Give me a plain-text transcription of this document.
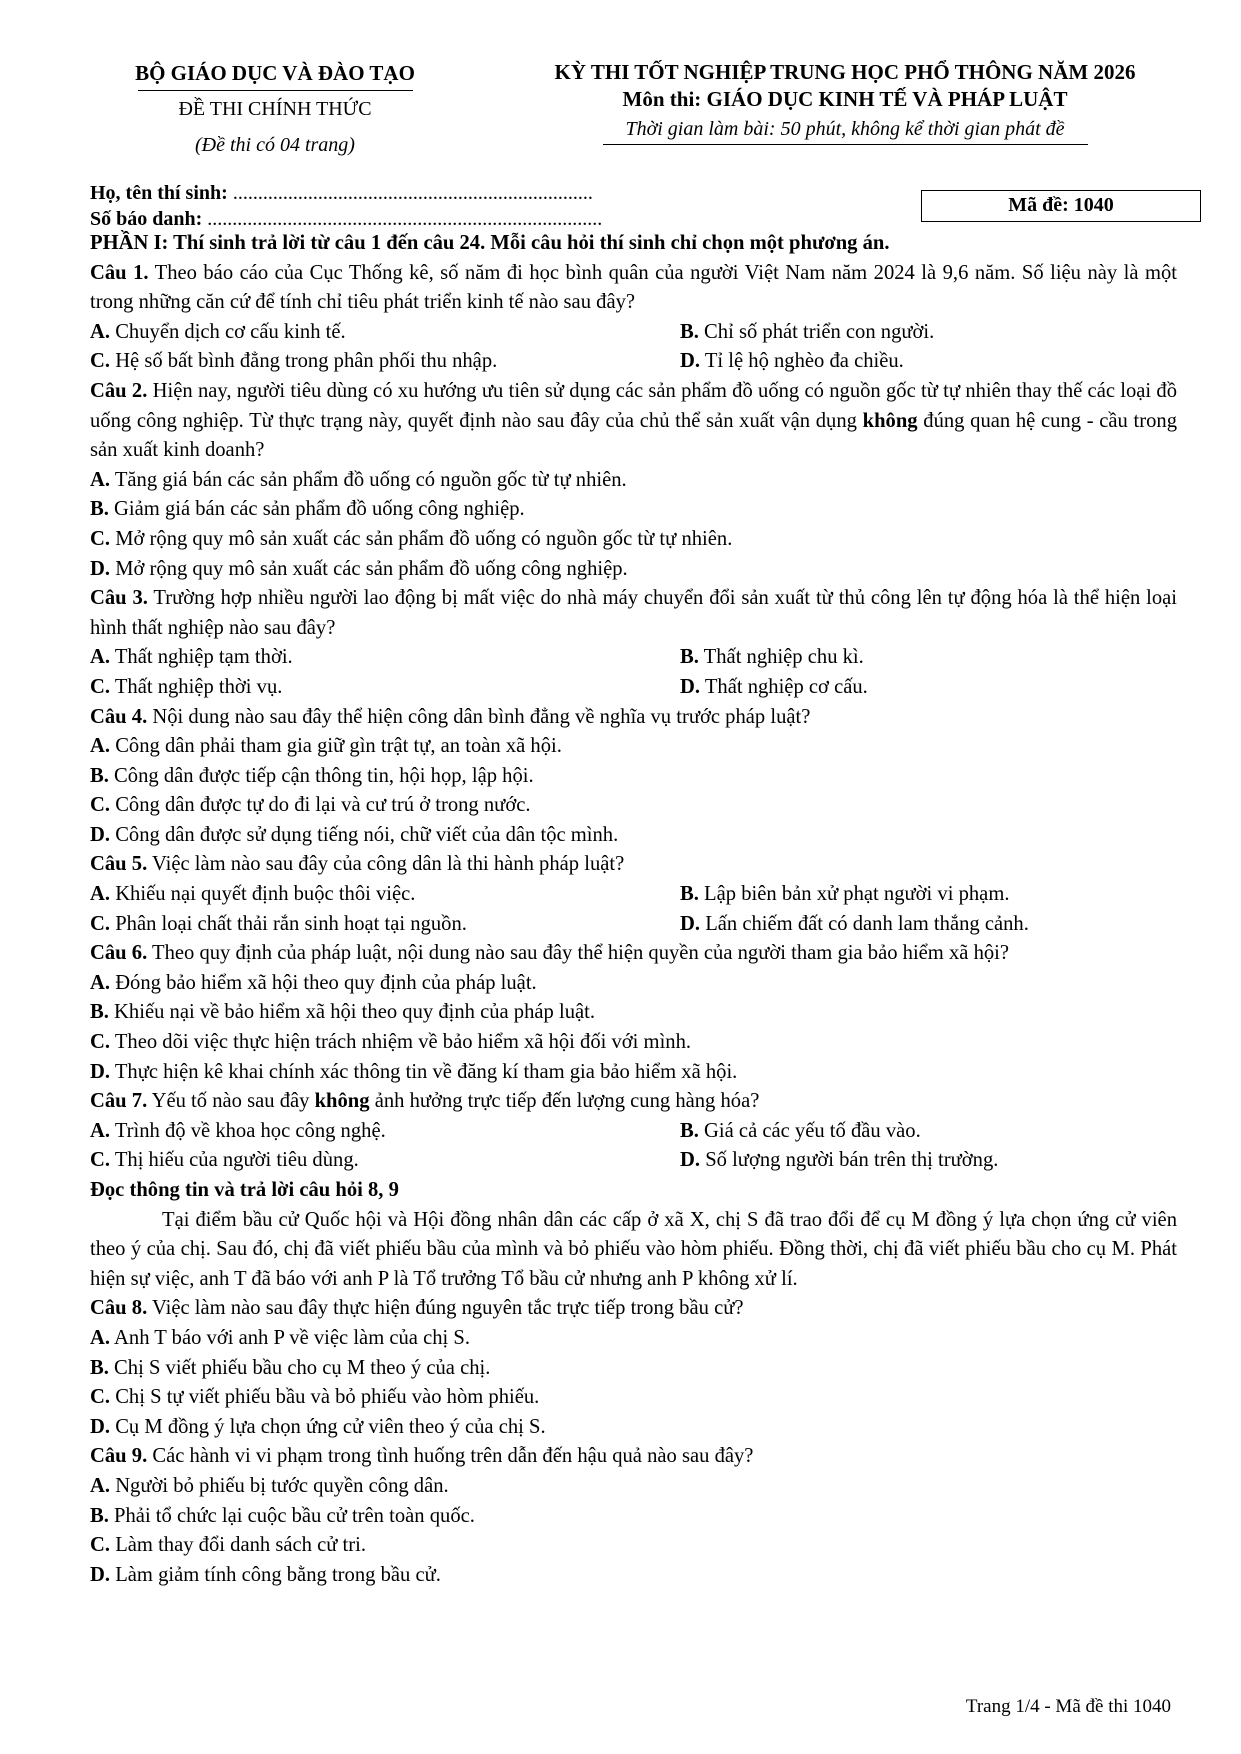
BỘ GIÁO DỤC VÀ ĐÀO TẠO
ĐỀ THI CHÍNH THỨC
(Đề thi có 04 trang)
KỲ THI TỐT NGHIỆP TRUNG HỌC PHỔ THÔNG NĂM 2026
Môn thi: GIÁO DỤC KINH TẾ VÀ PHÁP LUẬT
Thời gian làm bài: 50 phút, không kể thời gian phát đề
Họ, tên thí sinh: ........................................................................
Số báo danh: ...............................................................................
Mã đề: 1040
PHẦN I: Thí sinh trả lời từ câu 1 đến câu 24. Mỗi câu hỏi thí sinh chỉ chọn một phương án.
Câu 1. Theo báo cáo của Cục Thống kê, số năm đi học bình quân của người Việt Nam năm 2024 là 9,6 năm. Số liệu này là một trong những căn cứ để tính chỉ tiêu phát triển kinh tế nào sau đây?
A. Chuyển dịch cơ cấu kinh tế.	B. Chỉ số phát triển con người.
C. Hệ số bất bình đẳng trong phân phối thu nhập.	D. Tỉ lệ hộ nghèo đa chiều.
Câu 2. Hiện nay, người tiêu dùng có xu hướng ưu tiên sử dụng các sản phẩm đồ uống có nguồn gốc từ tự nhiên thay thế các loại đồ uống công nghiệp. Từ thực trạng này, quyết định nào sau đây của chủ thể sản xuất vận dụng không đúng quan hệ cung - cầu trong sản xuất kinh doanh?
A. Tăng giá bán các sản phẩm đồ uống có nguồn gốc từ tự nhiên.
B. Giảm giá bán các sản phẩm đồ uống công nghiệp.
C. Mở rộng quy mô sản xuất các sản phẩm đồ uống có nguồn gốc từ tự nhiên.
D. Mở rộng quy mô sản xuất các sản phẩm đồ uống công nghiệp.
Câu 3. Trường hợp nhiều người lao động bị mất việc do nhà máy chuyển đổi sản xuất từ thủ công lên tự động hóa là thể hiện loại hình thất nghiệp nào sau đây?
A. Thất nghiệp tạm thời.	B. Thất nghiệp chu kì.
C. Thất nghiệp thời vụ.	D. Thất nghiệp cơ cấu.
Câu 4. Nội dung nào sau đây thể hiện công dân bình đẳng về nghĩa vụ trước pháp luật?
A. Công dân phải tham gia giữ gìn trật tự, an toàn xã hội.
B. Công dân được tiếp cận thông tin, hội họp, lập hội.
C. Công dân được tự do đi lại và cư trú ở trong nước.
D. Công dân được sử dụng tiếng nói, chữ viết của dân tộc mình.
Câu 5. Việc làm nào sau đây của công dân là thi hành pháp luật?
A. Khiếu nại quyết định buộc thôi việc.	B. Lập biên bản xử phạt người vi phạm.
C. Phân loại chất thải rắn sinh hoạt tại nguồn.	D. Lấn chiếm đất có danh lam thắng cảnh.
Câu 6. Theo quy định của pháp luật, nội dung nào sau đây thể hiện quyền của người tham gia bảo hiểm xã hội?
A. Đóng bảo hiểm xã hội theo quy định của pháp luật.
B. Khiếu nại về bảo hiểm xã hội theo quy định của pháp luật.
C. Theo dõi việc thực hiện trách nhiệm về bảo hiểm xã hội đối với mình.
D. Thực hiện kê khai chính xác thông tin về đăng kí tham gia bảo hiểm xã hội.
Câu 7. Yếu tố nào sau đây không ảnh hưởng trực tiếp đến lượng cung hàng hóa?
A. Trình độ về khoa học công nghệ.	B. Giá cả các yếu tố đầu vào.
C. Thị hiếu của người tiêu dùng.	D. Số lượng người bán trên thị trường.
Đọc thông tin và trả lời câu hỏi 8, 9
Tại điểm bầu cử Quốc hội và Hội đồng nhân dân các cấp ở xã X, chị S đã trao đổi để cụ M đồng ý lựa chọn ứng cử viên theo ý của chị. Sau đó, chị đã viết phiếu bầu của mình và bỏ phiếu vào hòm phiếu. Đồng thời, chị đã viết phiếu bầu cho cụ M. Phát hiện sự việc, anh T đã báo với anh P là Tổ trưởng Tổ bầu cử nhưng anh P không xử lí.
Câu 8. Việc làm nào sau đây thực hiện đúng nguyên tắc trực tiếp trong bầu cử?
A. Anh T báo với anh P về việc làm của chị S.
B. Chị S viết phiếu bầu cho cụ M theo ý của chị.
C. Chị S tự viết phiếu bầu và bỏ phiếu vào hòm phiếu.
D. Cụ M đồng ý lựa chọn ứng cử viên theo ý của chị S.
Câu 9. Các hành vi vi phạm trong tình huống trên dẫn đến hậu quả nào sau đây?
A. Người bỏ phiếu bị tước quyền công dân.
B. Phải tổ chức lại cuộc bầu cử trên toàn quốc.
C. Làm thay đổi danh sách cử tri.
D. Làm giảm tính công bằng trong bầu cử.
Trang 1/4 - Mã đề thi 1040
